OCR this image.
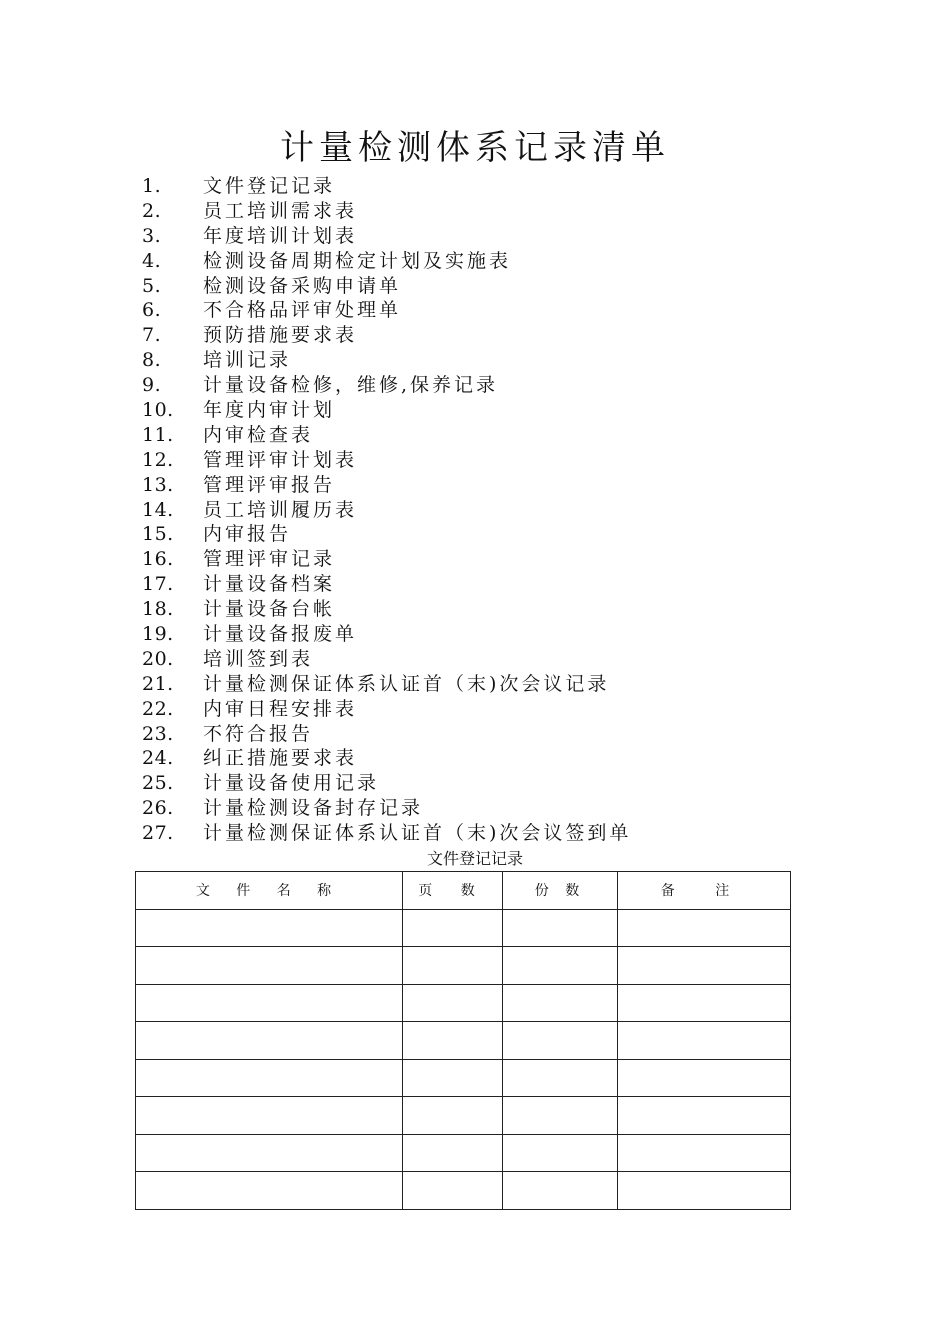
计量检测体系记录清单
1. 文件登记记录
2. 员工培训需求表
3. 年度培训计划表
4. 检测设备周期检定计划及实施表
5. 检测设备采购申请单
6. 不合格品评审处理单
7. 预防措施要求表
8. 培训记录
9. 计量设备检修，维修,保养记录
10. 年度内审计划
11. 内审检查表
12. 管理评审计划表
13. 管理评审报告
14. 员工培训履历表
15. 内审报告
16. 管理评审记录
17. 计量设备档案
18. 计量设备台帐
19. 计量设备报废单
20. 培训签到表
21. 计量检测保证体系认证首（末)次会议记录
22. 内审日程安排表
23. 不符合报告
24. 纠正措施要求表
25. 计量设备使用记录
26. 计量检测设备封存记录
27. 计量检测保证体系认证首（末)次会议签到单
文件登记记录
文 件 名 称	页 数	份 数	备 注
